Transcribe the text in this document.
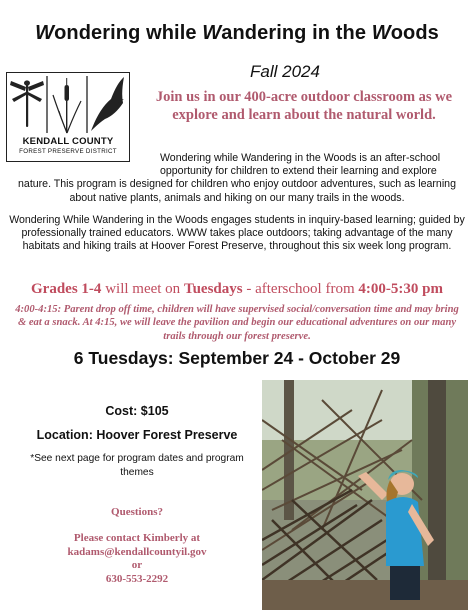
Wondering while Wandering in the Woods
KENDALL COUNTY
FOREST PRESERVE DISTRICT
Fall 2024
Join us in our 400-acre outdoor classroom as we explore and learn about the natural world.
Wondering while Wandering in the Woods is an after-school
opportunity for children to extend their learning and explore
nature. This program is designed for children who enjoy outdoor adventures, such as learning about native plants, animals and hiking on our many trails in the woods.
Wondering While Wandering in the Woods engages students in inquiry-based learning; guided by professionally trained educators. WWW takes place outdoors; taking advantage of the many habitats and hiking trails at Hoover Forest Preserve, throughout this six week long program.
Grades 1-4 will meet on Tuesdays - afterschool from 4:00-5:30 pm
4:00-4:15: Parent drop off time, children will have supervised social/conversation time and may bring & eat a snack. At 4:15, we will leave the pavilion and begin our educational adventures on our many trails through our forest preserve.
6 Tuesdays: September 24 - October 29
Cost: $105
Location: Hoover Forest Preserve
*See next page for program dates and program themes
Questions?
Please contact Kimberly at
kadams@kendallcountyil.gov
or
630-553-2292
